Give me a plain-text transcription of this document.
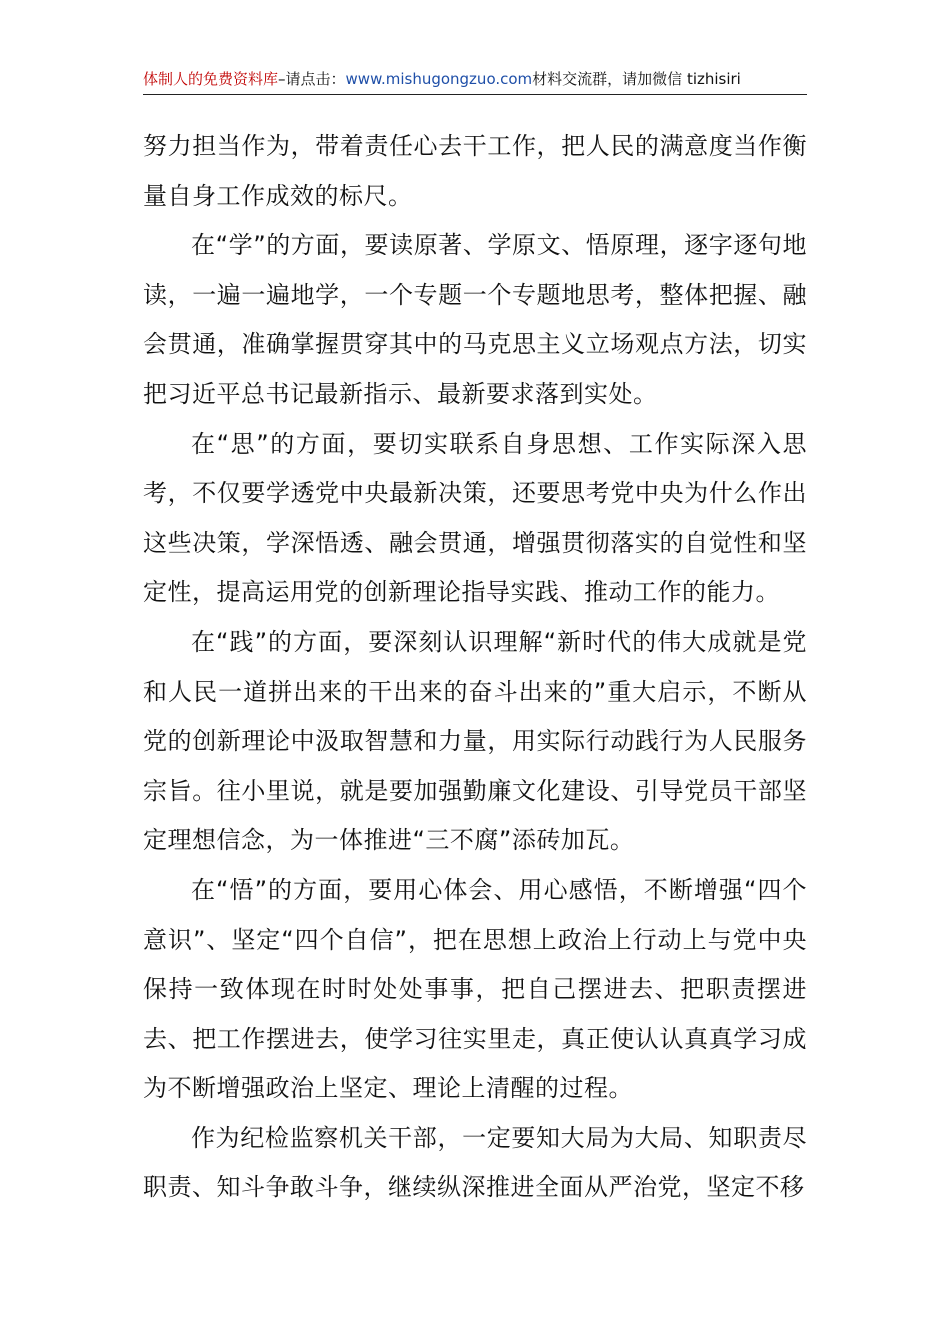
体制人的免费资料库–请点击：www.mishugongzuo.com材料交流群，请加微信 tizhisiri

努力担当作为，带着责任心去干工作，把人民的满意度当作衡量自身工作成效的标尺。

在“学”的方面，要读原著、学原文、悟原理，逐字逐句地读，一遍一遍地学，一个专题一个专题地思考，整体把握、融会贯通，准确掌握贯穿其中的马克思主义立场观点方法，切实把习近平总书记最新指示、最新要求落到实处。

在“思”的方面，要切实联系自身思想、工作实际深入思考，不仅要学透党中央最新决策，还要思考党中央为什么作出这些决策，学深悟透、融会贯通，增强贯彻落实的自觉性和坚定性，提高运用党的创新理论指导实践、推动工作的能力。

在“践”的方面，要深刻认识理解“新时代的伟大成就是党和人民一道拼出来的干出来的奋斗出来的”重大启示，不断从党的创新理论中汲取智慧和力量，用实际行动践行为人民服务宗旨。往小里说，就是要加强勤廉文化建设、引导党员干部坚定理想信念，为一体推进“三不腐”添砖加瓦。

在“悟”的方面，要用心体会、用心感悟，不断增强“四个意识”、坚定“四个自信”，把在思想上政治上行动上与党中央保持一致体现在时时处处事事，把自己摆进去、把职责摆进去、把工作摆进去，使学习往实里走，真正使认认真真学习成为不断增强政治上坚定、理论上清醒的过程。

作为纪检监察机关干部，一定要知大局为大局、知职责尽职责、知斗争敢斗争，继续纵深推进全面从严治党，坚定不移
